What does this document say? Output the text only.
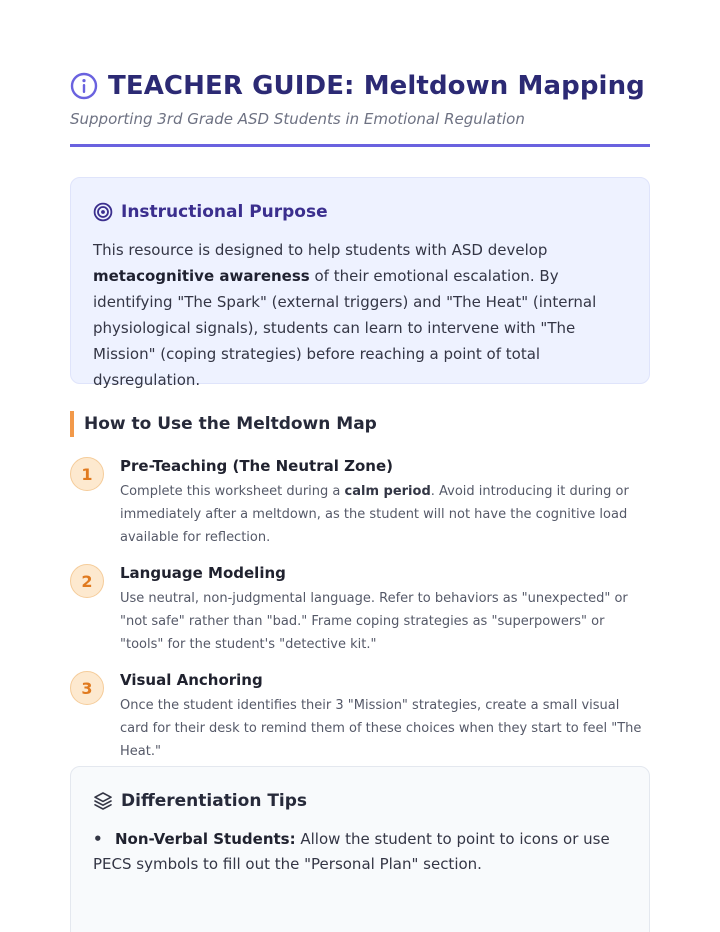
TEACHER GUIDE: Meltdown Mapping
Supporting 3rd Grade ASD Students in Emotional Regulation
Instructional Purpose
This resource is designed to help students with ASD develop metacognitive awareness of their emotional escalation. By identifying "The Spark" (external triggers) and "The Heat" (internal physiological signals), students can learn to intervene with "The Mission" (coping strategies) before reaching a point of total dysregulation.
How to Use the Meltdown Map
1	Pre-Teaching (The Neutral Zone)
Complete this worksheet during a calm period. Avoid introducing it during or immediately after a meltdown, as the student will not have the cognitive load available for reflection.
2	Language Modeling
Use neutral, non-judgmental language. Refer to behaviors as "unexpected" or "not safe" rather than "bad." Frame coping strategies as "superpowers" or "tools" for the student's "detective kit."
3	Visual Anchoring
Once the student identifies their 3 "Mission" strategies, create a small visual card for their desk to remind them of these choices when they start to feel "The Heat."
Differentiation Tips
• Non-Verbal Students: Allow the student to point to icons or use PECS symbols to fill out the "Personal Plan" section.
